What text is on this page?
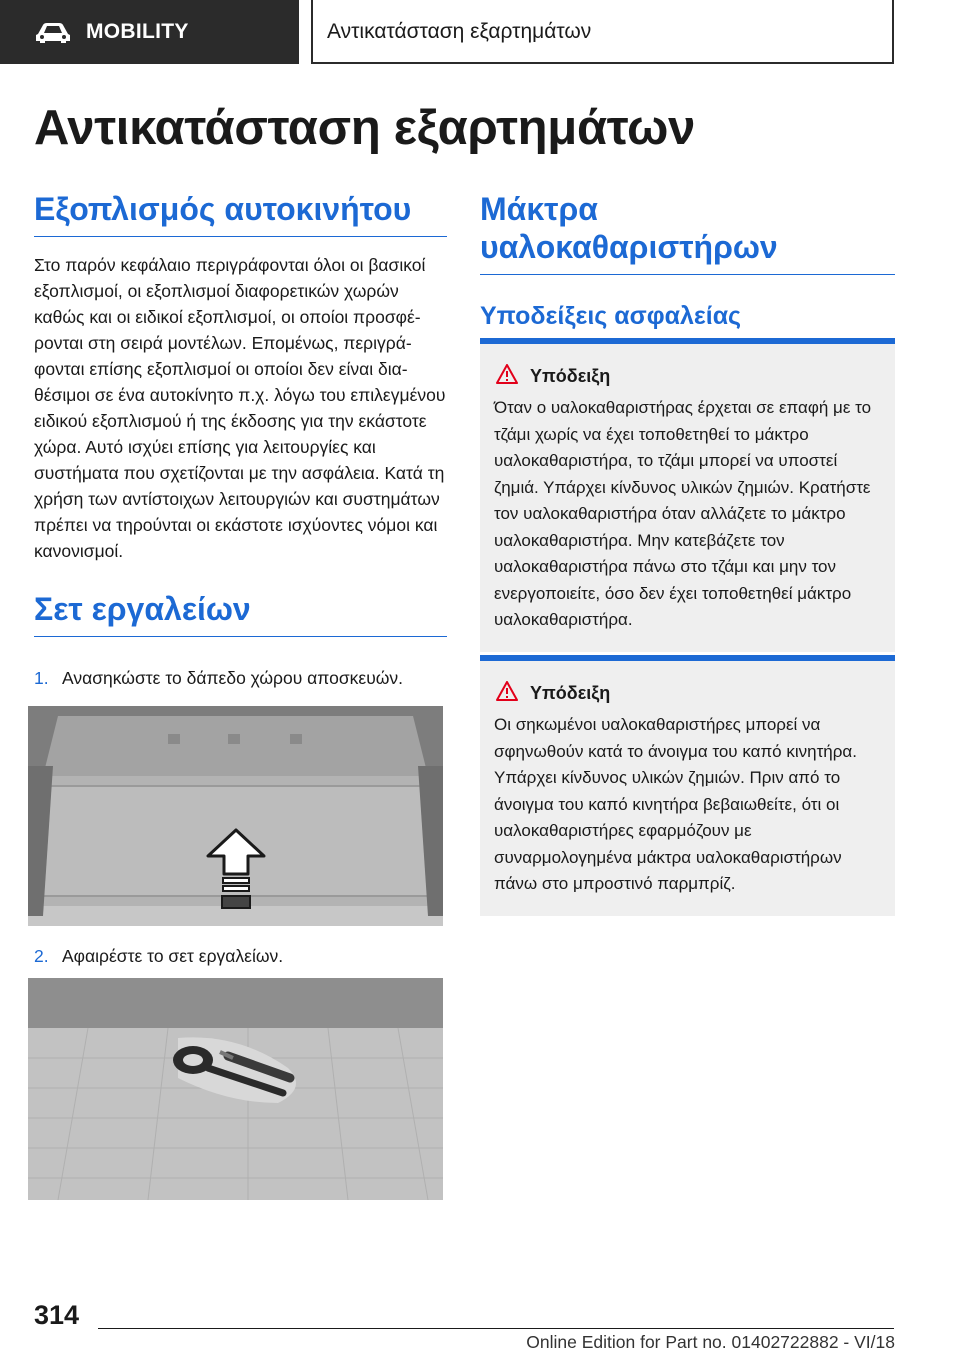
MOBILITY	Αντικατάσταση εξαρτημάτων
Αντικατάσταση εξαρτημάτων
Εξοπλισμός αυτοκινήτου

Στο παρόν κεφάλαιο περιγράφονται όλοι οι βασικοί εξοπλισμοί, οι εξοπλισμοί διαφορετικών χωρών καθώς και οι ειδικοί εξοπλισμοί, οι οποίοι προσφέρονται στη σειρά μοντέλων. Επομένως, περιγράφονται επίσης εξοπλισμοί οι οποίοι δεν είναι διαθέσιμοι σε ένα αυτοκίνητο π.χ. λόγω του επιλεγμένου ειδικού εξοπλισμού ή της έκδοσης για την εκάστοτε χώρα. Αυτό ισχύει επίσης για λειτουργίες και συστήματα που σχετίζονται με την ασφάλεια. Κατά τη χρήση των αντίστοιχων λειτουργιών και συστημάτων πρέπει να τηρούνται οι εκάστοτε ισχύοντες νόμοι και κανονισμοί.

Σετ εργαλείων
1. Ανασηκώστε το δάπεδο χώρου αποσκευών.
2. Αφαιρέστε το σετ εργαλείων.
Μάκτρα υαλοκαθαριστήρων
Υποδείξεις ασφαλείας
Υπόδειξη

Όταν ο υαλοκαθαριστήρας έρχεται σε επαφή με το τζάμι χωρίς να έχει τοποθετηθεί το μάκτρο υαλοκαθαριστήρα, το τζάμι μπορεί να υποστεί ζημιά. Υπάρχει κίνδυνος υλικών ζημιών. Κρατήστε τον υαλοκαθαριστήρα όταν αλλάζετε το μάκτρο υαλοκαθαριστήρα. Μην κατεβάζετε τον υαλοκαθαριστήρα πάνω στο τζάμι και μην τον ενεργοποιείτε, όσο δεν έχει τοποθετηθεί μάκτρο υαλοκαθαριστήρα.

Υπόδειξη

Οι σηκωμένοι υαλοκαθαριστήρες μπορεί να σφηνωθούν κατά το άνοιγμα του καπό κινητήρα. Υπάρχει κίνδυνος υλικών ζημιών. Πριν από το άνοιγμα του καπό κινητήρα βεβαιωθείτε, ότι οι υαλοκαθαριστήρες εφαρμόζουν με συναρμολογημένα μάκτρα υαλοκαθαριστήρων πάνω στο μπροστινό παρμπρίζ.

314
Online Edition for Part no. 01402722882 - VI/18
